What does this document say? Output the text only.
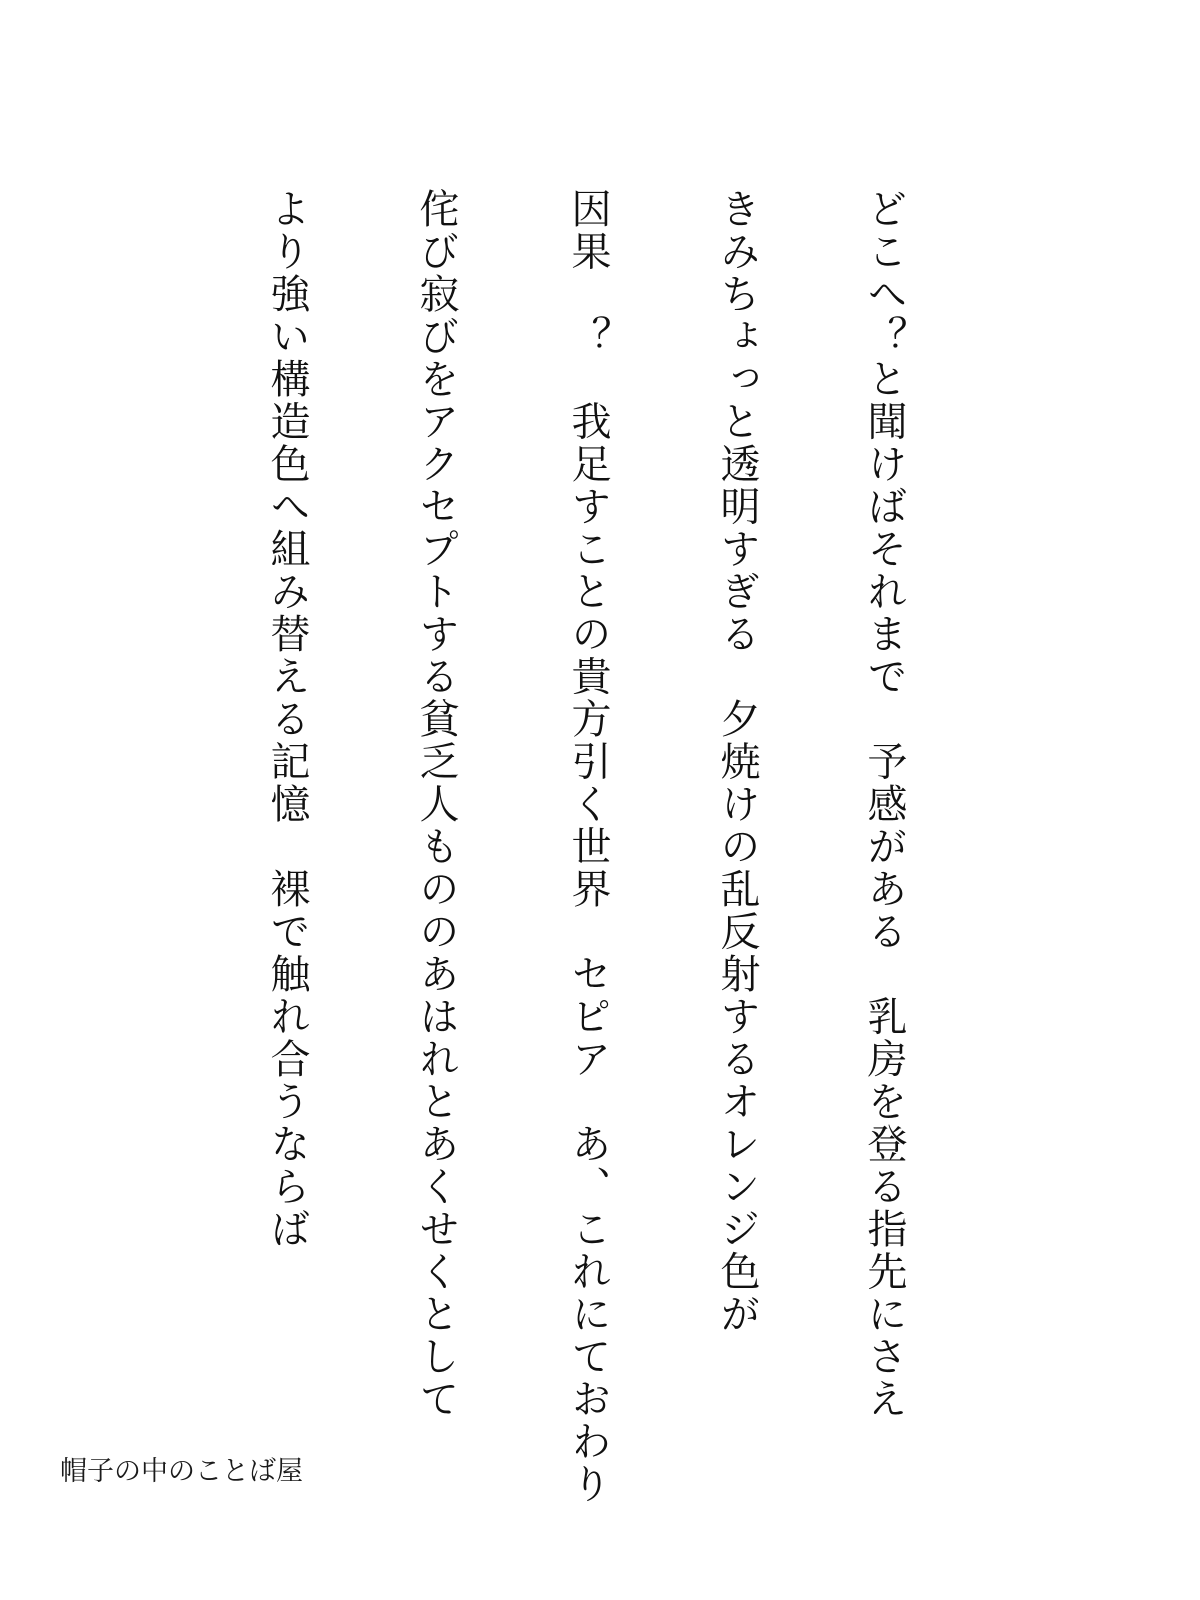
どこへ？と聞けばそれまで　予感がある　乳房を登る指先にさえ

きみちょっと透明すぎる　夕焼けの乱反射するオレンジ色が

因果　？　我足すことの貴方引く世界　セピア　あ、これにておわり

侘び寂びをアクセプトする貧乏人もののあはれとあくせくとして

より強い構造色へ組み替える記憶　裸で触れ合うならば

帽子の中のことば屋
